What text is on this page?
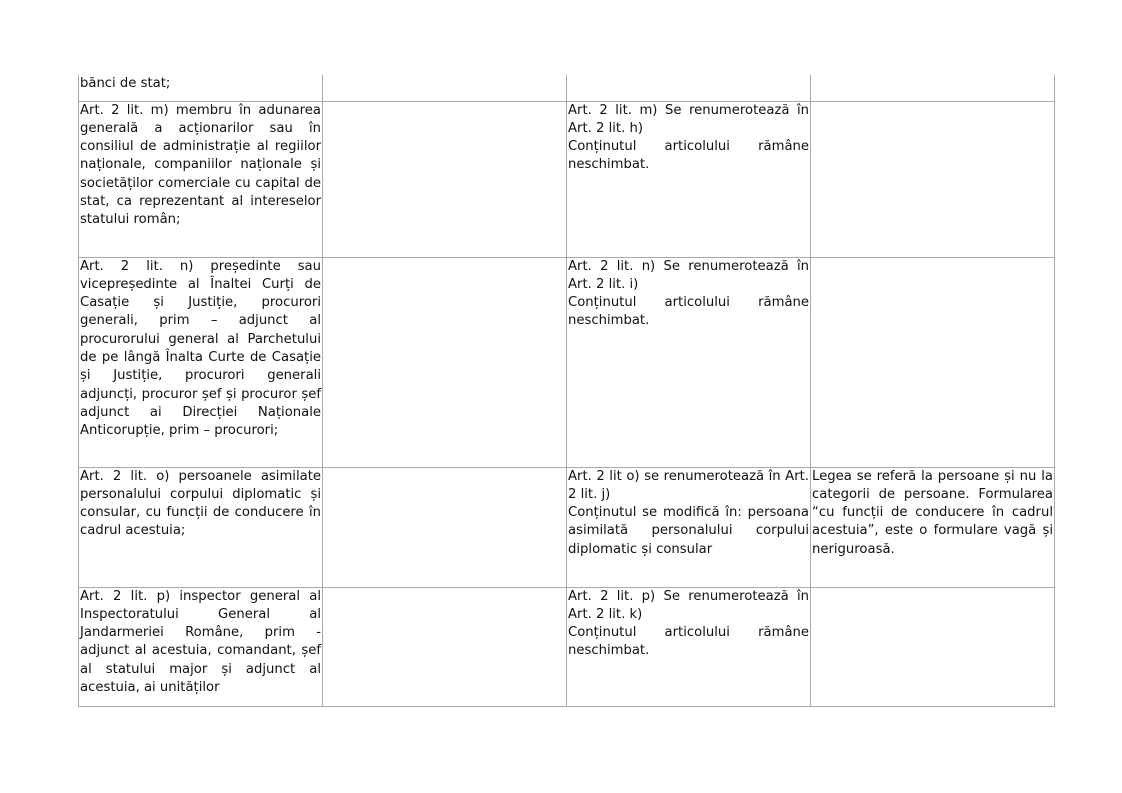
bănci de stat;			
Art. 2 lit. m) membru în adunarea generală a acționarilor sau în consiliul de administrație al regiilor naționale, companiilor naționale și societăților comerciale cu capital de stat, ca reprezentant al intereselor statului român;		Art. 2 lit. m) Se renumerotează în Art. 2 lit. h)
Conținutul articolului rămâne neschimbat.	

Art. 2 lit. n) președinte sau vicepreședinte al Înaltei Curți de Casație și Justiție, procurori generali, prim – adjunct al procurorului general al Parchetului de pe lângă Înalta Curte de Casație și Justiție, procurori generali adjuncți, procuror șef și procuror șef adjunct ai Direcției Naționale Anticorupție, prim – procurori;		Art. 2 lit. n) Se renumerotează în Art. 2 lit. i)
Conținutul articolului rămâne neschimbat.	

Art. 2 lit. o) persoanele asimilate personalului corpului diplomatic și consular, cu funcții de conducere în cadrul acestuia;		Art. 2 lit o) se renumerotează în Art. 2 lit. j)
Conținutul se modifică în: persoana asimilată personalului corpului diplomatic și consular	Legea se referă la persoane și nu la categorii de persoane. Formularea “cu funcții de conducere în cadrul acestuia”, este o formulare vagă și neriguroasă.
Art. 2 lit. p) inspector general al Inspectoratului General al Jandarmeriei Române, prim - adjunct al acestuia, comandant, șef al statului major și adjunct al acestuia, ai unităților		Art. 2 lit. p) Se renumerotează în Art. 2 lit. k)
Conținutul articolului rămâne neschimbat.	
